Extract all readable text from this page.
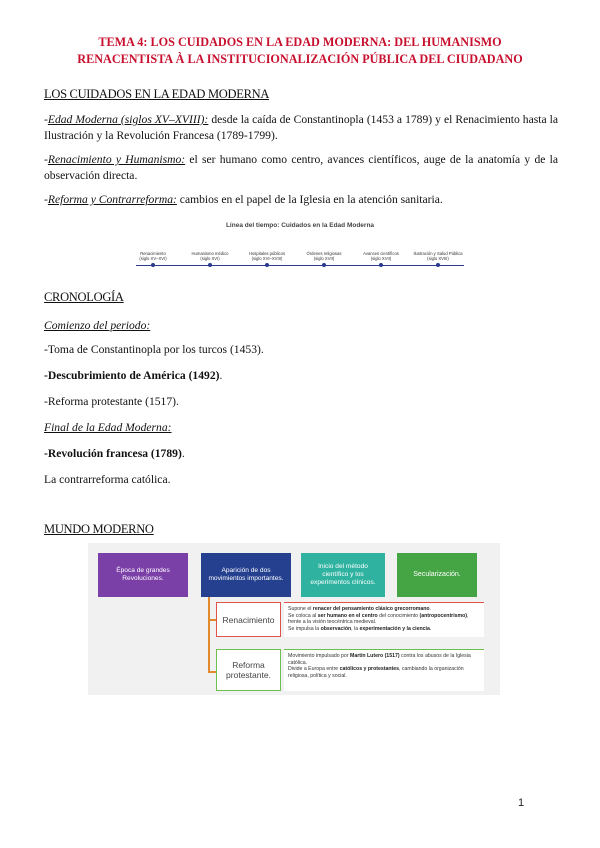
TEMA 4: LOS CUIDADOS EN LA EDAD MODERNA: DEL HUMANISMO
RENACENTISTA À LA INSTITUCIONALIZACIÓN PÚBLICA DEL CIUDADANO
LOS CUIDADOS EN LA EDAD MODERNA
-Edad Moderna (siglos XV–XVIII): desde la caída de Constantinopla (1453 a 1789) y el Renacimiento hasta la Ilustración y la Revolución Francesa (1789-1799).
-Renacimiento y Humanismo: el ser humano como centro, avances científicos, auge de la anatomía y de la observación directa.
-Reforma y Contrarreforma: cambios en el papel de la Iglesia en la atención sanitaria.
Línea del tiempo: Cuidados en la Edad Moderna
Renacimiento
(siglo XV–XVI)
Humanismo médico
(siglo XVI)
Hospitales públicos
(siglo XVI–XVIII)
Órdenes religiosas
(siglo XVII)
Avances científicos
(siglo XVII)
Ilustración y Salud Pública
(siglo XVIII)
CRONOLOGÍA
Comienzo del periodo:
-Toma de Constantinopla por los turcos (1453).
-Descubrimiento de América (1492).
-Reforma protestante (1517).
Final de la Edad Moderna:
-Revolución francesa (1789).
La contrarreforma católica.
MUNDO MODERNO
Época de grandes Revoluciones.
Aparición de dos movimientos importantes.
Inicio del método científico y los experimentos clínicos.
Secularización.
Renacimiento
Supone el renacer del pensamiento clásico grecorromano.
Se coloca al ser humano en el centro del conocimiento (antropocentrismo), frente a la visión teocéntrica medieval.
Se impulsa la observación, la experimentación y la ciencia.
Reforma
protestante.
Movimiento impulsado por Martín Lutero (1517) contra los abusos de la Iglesia católica.
Divide a Europa entre católicos y protestantes, cambiando la organización religiosa, política y social.
1
